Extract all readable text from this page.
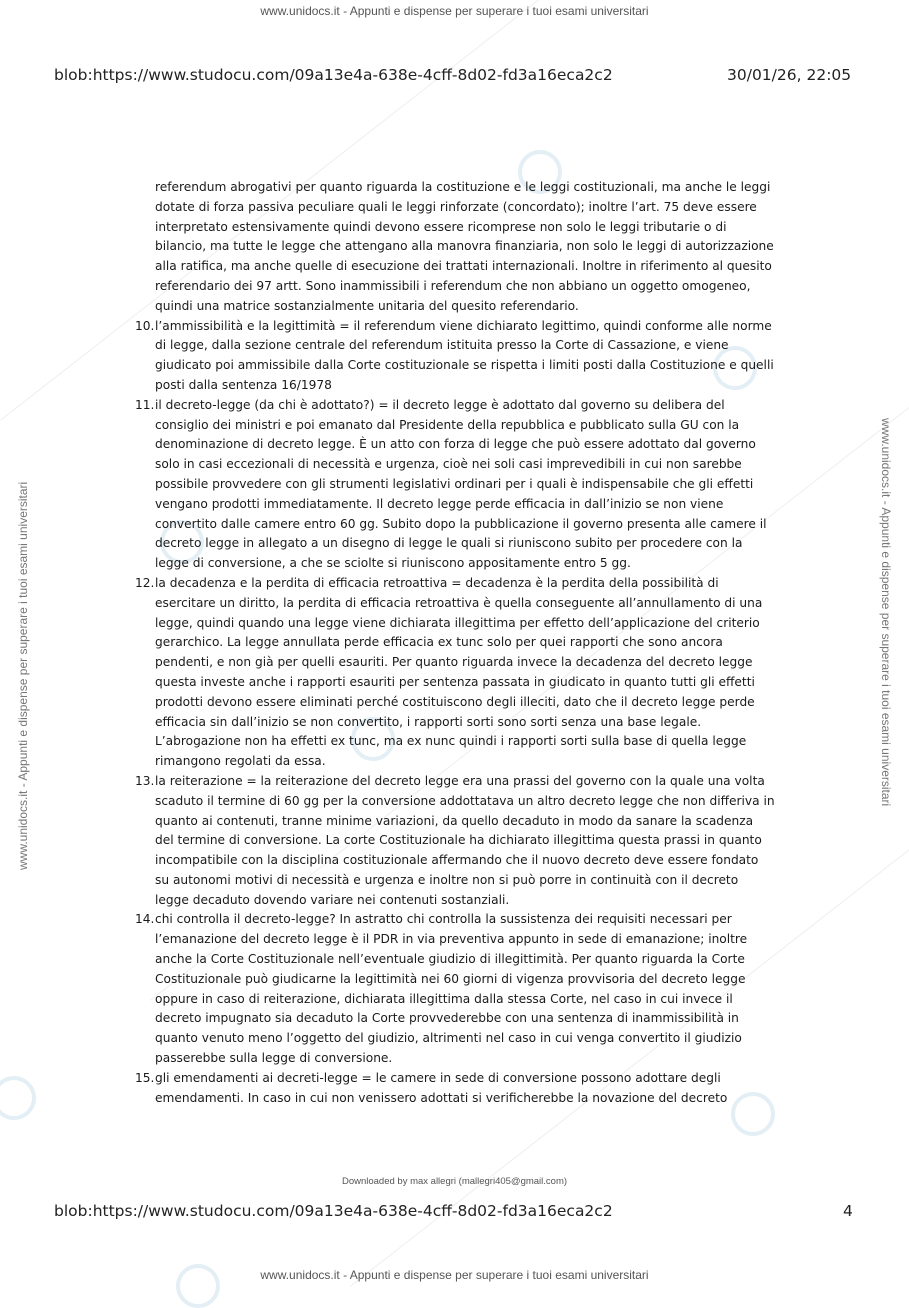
www.unidocs.it - Appunti e dispense per superare i tuoi esami universitari
www.unidocs.it - Appunti e dispense per superare i tuoi esami universitari	www.unidocs.it - Appunti e dispense per superare i tuoi esami universitari
blob:https://www.studocu.com/09a13e4a-638e-4cff-8d02-fd3a16eca2c2	30/01/26, 22:05

referendum abrogativi per quanto riguarda la costituzione e le leggi costituzionali, ma anche le leggi dotate di forza passiva peculiare quali le leggi rinforzate (concordato); inoltre l’art. 75 deve essere interpretato estensivamente quindi devono essere ricomprese non solo le leggi tributarie o di bilancio, ma tutte le legge che attengano alla manovra finanziaria, non solo le leggi di autorizzazione alla ratifica, ma anche quelle di esecuzione dei trattati internazionali. Inoltre in riferimento al quesito referendario dei 97 artt. Sono inammissibili i referendum che non abbiano un oggetto omogeneo, quindi una matrice sostanzialmente unitaria del quesito referendario.

10. l’ammissibilità e la legittimità = il referendum viene dichiarato legittimo, quindi conforme alle norme di legge, dalla sezione centrale del referendum istituita presso la Corte di Cassazione, e viene giudicato poi ammissibile dalla Corte costituzionale se rispetta i limiti posti dalla Costituzione e quelli posti dalla sentenza 16/1978
11. il decreto-legge (da chi è adottato?) = il decreto legge è adottato dal governo su delibera del consiglio dei ministri e poi emanato dal Presidente della repubblica e pubblicato sulla GU con la denominazione di decreto legge. È un atto con forza di legge che può essere adottato dal governo solo in casi eccezionali di necessità e urgenza, cioè nei soli casi imprevedibili in cui non sarebbe possibile provvedere con gli strumenti legislativi ordinari per i quali è indispensabile che gli effetti vengano prodotti immediatamente. Il decreto legge perde efficacia in dall’inizio se non viene convertito dalle camere entro 60 gg. Subito dopo la pubblicazione il governo presenta alle camere il decreto legge in allegato a un disegno di legge le quali si riuniscono subito per procedere con la legge di conversione, a che se sciolte si riuniscono appositamente entro 5 gg.
12. la decadenza e la perdita di efficacia retroattiva = decadenza è la perdita della possibilità di esercitare un diritto, la perdita di efficacia retroattiva è quella conseguente all’annullamento di una legge, quindi quando una legge viene dichiarata illegittima per effetto dell’applicazione del criterio gerarchico. La legge annullata perde efficacia ex tunc solo per quei rapporti che sono ancora pendenti, e non già per quelli esauriti. Per quanto riguarda invece la decadenza del decreto legge questa investe anche i rapporti esauriti per sentenza passata in giudicato in quanto tutti gli effetti prodotti devono essere eliminati perché costituiscono degli illeciti, dato che il decreto legge perde efficacia sin dall’inizio se non convertito, i rapporti sorti sono sorti senza una base legale. L’abrogazione non ha effetti ex tunc, ma ex nunc quindi i rapporti sorti sulla base di quella legge rimangono regolati da essa.
13. la reiterazione = la reiterazione del decreto legge era una prassi del governo con la quale una volta scaduto il termine di 60 gg per la conversione addottatava un altro decreto legge che non differiva in quanto ai contenuti, tranne minime variazioni, da quello decaduto in modo da sanare la scadenza del termine di conversione. La corte Costituzionale ha dichiarato illegittima questa prassi in quanto incompatibile con la disciplina costituzionale affermando che il nuovo decreto deve essere fondato su autonomi motivi di necessità e urgenza e inoltre non si può porre in continuità con il decreto legge decaduto dovendo variare nei contenuti sostanziali.
14. chi controlla il decreto-legge? In astratto chi controlla la sussistenza dei requisiti necessari per l’emanazione del decreto legge è il PDR in via preventiva appunto in sede di emanazione; inoltre anche la Corte Costituzionale nell’eventuale giudizio di illegittimità. Per quanto riguarda la Corte Costituzionale può giudicarne la legittimità nei 60 giorni di vigenza provvisoria del decreto legge oppure in caso di reiterazione, dichiarata illegittima dalla stessa Corte, nel caso in cui invece il decreto impugnato sia decaduto la Corte provvederebbe con una sentenza di inammissibilità in quanto venuto meno l’oggetto del giudizio, altrimenti nel caso in cui venga convertito il giudizio passerebbe sulla legge di conversione.
15. gli emendamenti ai decreti-legge = le camere in sede di conversione possono adottare degli emendamenti. In caso in cui non venissero adottati si verificherebbe la novazione del decreto
Downloaded by max allegri (mallegri405@gmail.com)
blob:https://www.studocu.com/09a13e4a-638e-4cff-8d02-fd3a16eca2c2	4
www.unidocs.it - Appunti e dispense per superare i tuoi esami universitari
